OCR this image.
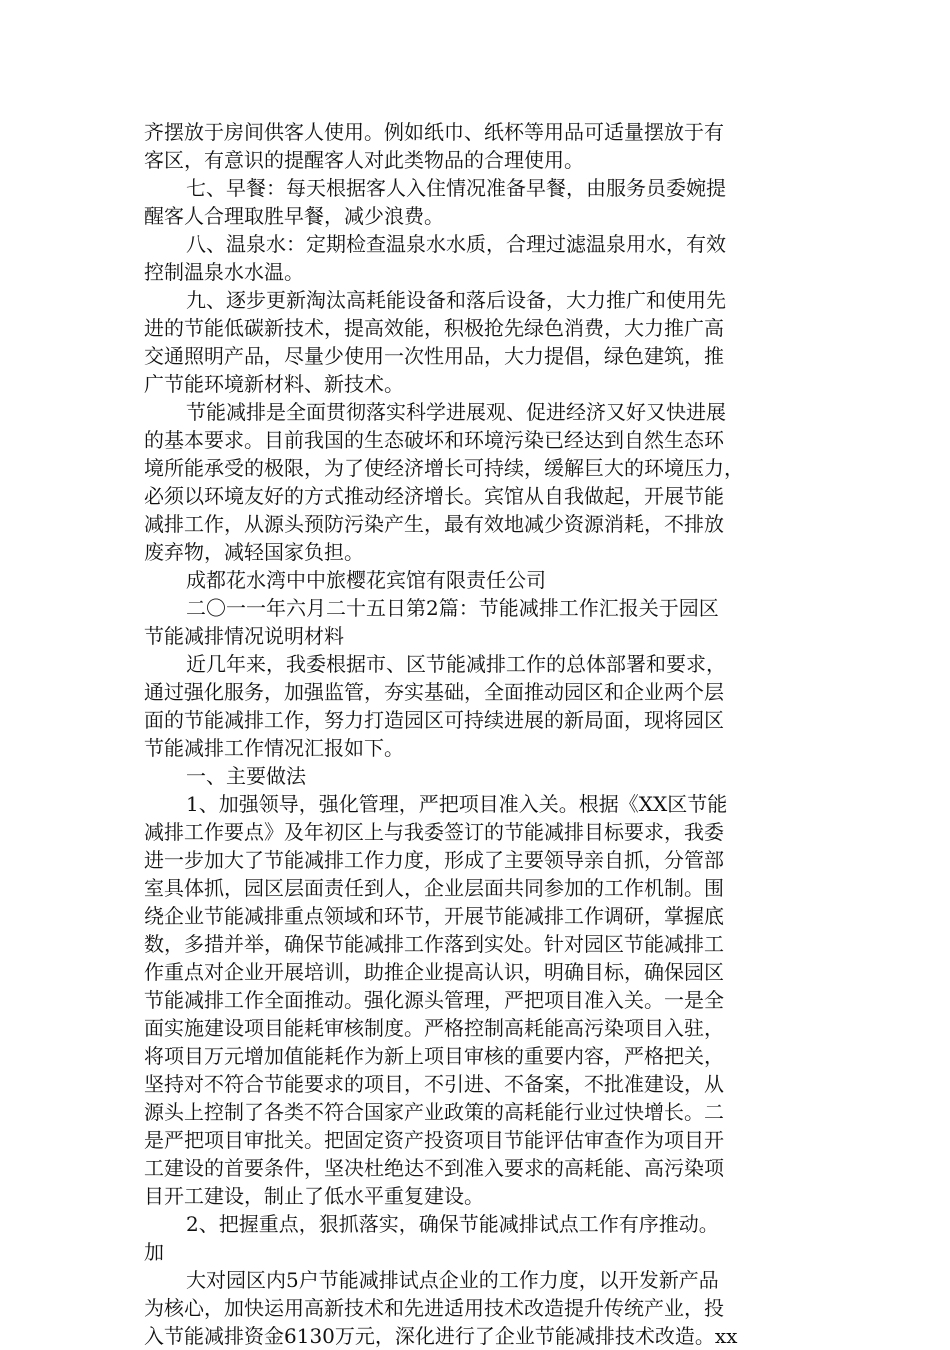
齐摆放于房间供客人使用。例如纸巾、纸杯等用品可适量摆放于有
客区，有意识的提醒客人对此类物品的合理使用。
七、早餐：每天根据客人入住情况准备早餐，由服务员委婉提
醒客人合理取胜早餐，减少浪费。
八、温泉水：定期检查温泉水水质，合理过滤温泉用水，有效
控制温泉水水温。
九、逐步更新淘汰高耗能设备和落后设备，大力推广和使用先
进的节能低碳新技术，提高效能，积极抢先绿色消费，大力推广高
交通照明产品，尽量少使用一次性用品，大力提倡，绿色建筑，推
广节能环境新材料、新技术。
节能减排是全面贯彻落实科学进展观、促进经济又好又快进展
的基本要求。目前我国的生态破坏和环境污染已经达到自然生态环
境所能承受的极限，为了使经济增长可持续，缓解巨大的环境压力，
必须以环境友好的方式推动经济增长。宾馆从自我做起，开展节能
减排工作，从源头预防污染产生，最有效地减少资源消耗，不排放
废弃物，减轻国家负担。
成都花水湾中中旅樱花宾馆有限责任公司
二〇一一年六月二十五日第2篇：节能减排工作汇报关于园区
节能减排情况说明材料
近几年来，我委根据市、区节能减排工作的总体部署和要求，
通过强化服务，加强监管，夯实基础，全面推动园区和企业两个层
面的节能减排工作，努力打造园区可持续进展的新局面，现将园区
节能减排工作情况汇报如下。
一、主要做法
1、加强领导，强化管理，严把项目准入关。根据《XX区节能
减排工作要点》及年初区上与我委签订的节能减排目标要求，我委
进一步加大了节能减排工作力度，形成了主要领导亲自抓，分管部
室具体抓，园区层面责任到人，企业层面共同参加的工作机制。围
绕企业节能减排重点领域和环节，开展节能减排工作调研，掌握底
数，多措并举，确保节能减排工作落到实处。针对园区节能减排工
作重点对企业开展培训，助推企业提高认识，明确目标，确保园区
节能减排工作全面推动。强化源头管理，严把项目准入关。一是全
面实施建设项目能耗审核制度。严格控制高耗能高污染项目入驻，
将项目万元增加值能耗作为新上项目审核的重要内容，严格把关，
坚持对不符合节能要求的项目，不引进、不备案，不批准建设，从
源头上控制了各类不符合国家产业政策的高耗能行业过快增长。二
是严把项目审批关。把固定资产投资项目节能评估审查作为项目开
工建设的首要条件，坚决杜绝达不到准入要求的高耗能、高污染项
目开工建设，制止了低水平重复建设。
2、把握重点，狠抓落实，确保节能减排试点工作有序推动。
加
大对园区内5户节能减排试点企业的工作力度，以开发新产品
为核心，加快运用高新技术和先进适用技术改造提升传统产业，投
入节能减排资金6130万元，深化进行了企业节能减排技术改造。xx
